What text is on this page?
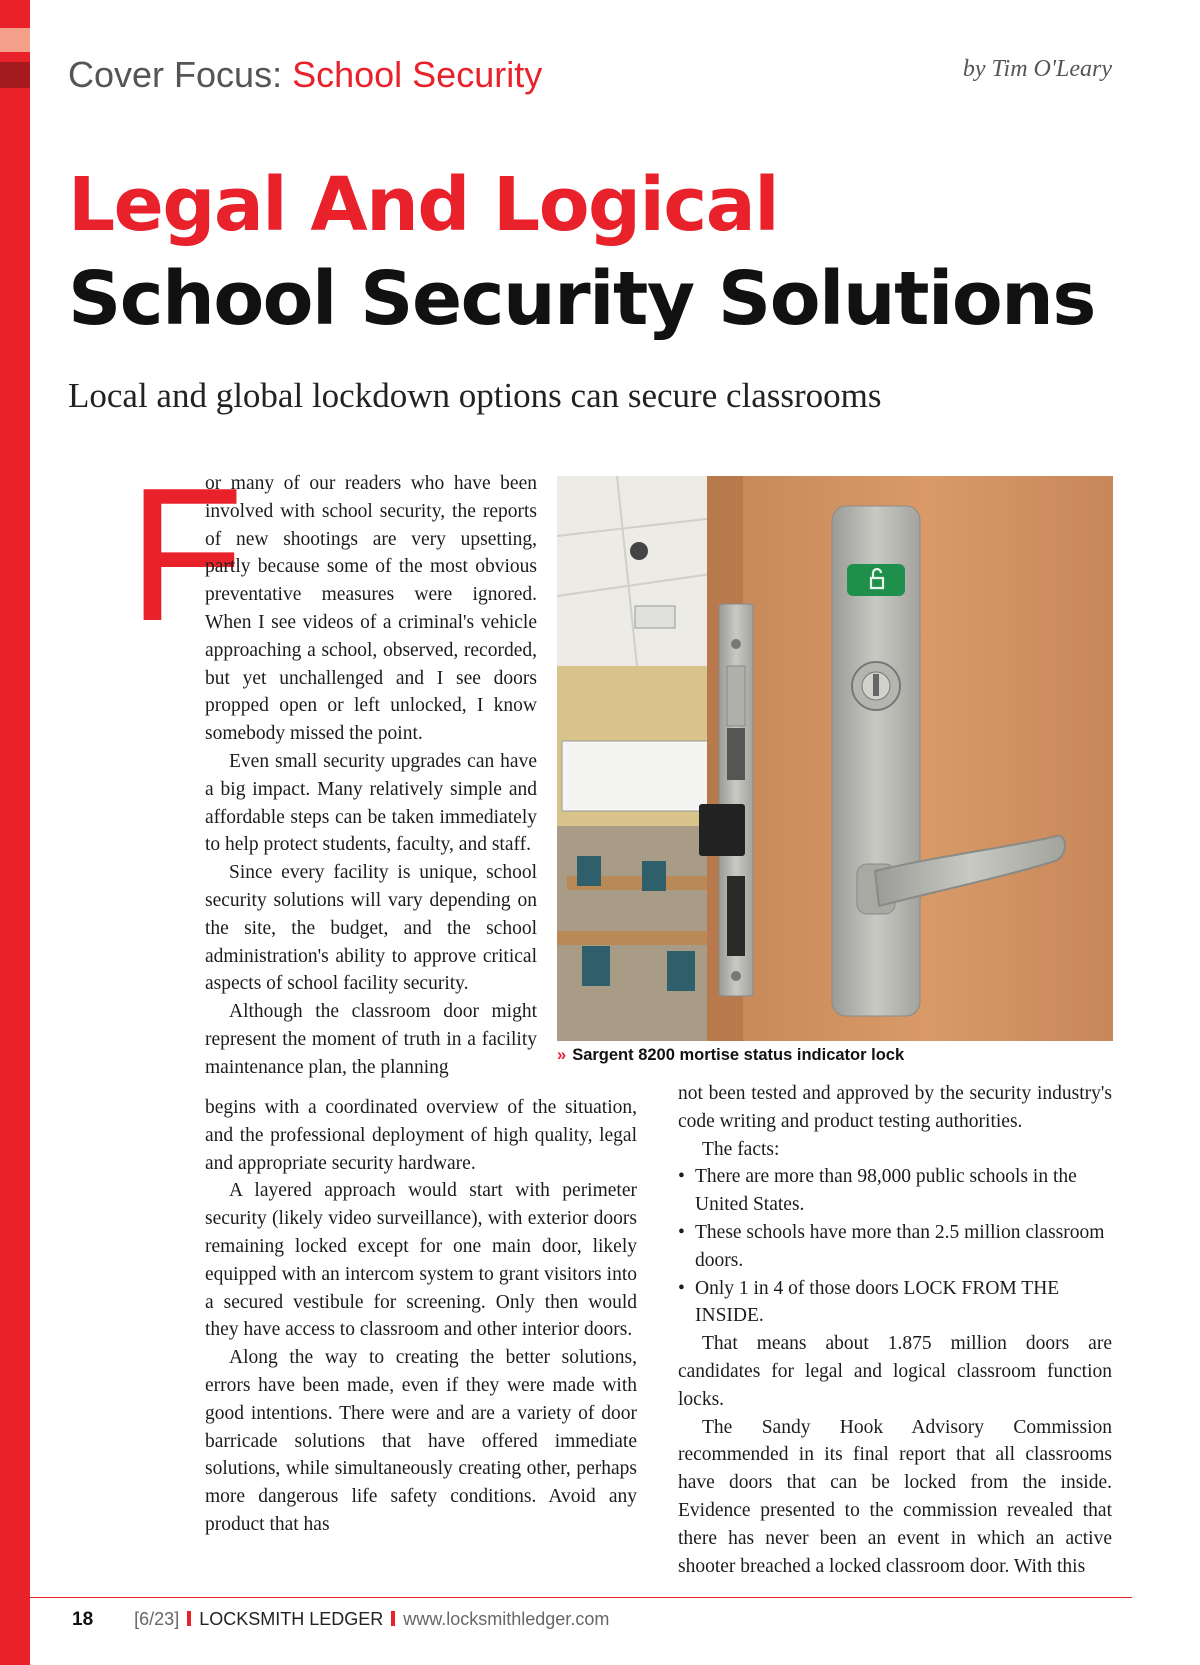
Cover Focus: School Security	by Tim O'Leary
Legal And Logical
School Security Solutions
Local and global lockdown options can secure classrooms
F

or many of our readers who have been involved with school security, the reports of new shootings are very upsetting, partly because some of the most obvious preventative measures were ignored. When I see videos of a criminal's vehicle approaching a school, observed, recorded, but yet unchallenged and I see doors propped open or left unlocked, I know somebody missed the point.

Even small security upgrades can have a big impact. Many relatively simple and affordable steps can be taken immediately to help protect students, faculty, and staff.

Since every facility is unique, school security solutions will vary depending on the site, the budget, and the school administration's ability to approve critical aspects of school facility security.

Although the classroom door might represent the moment of truth in a facility maintenance plan, the planning

begins with a coordinated overview of the situation, and the professional deployment of high quality, legal and appropriate security hardware.

A layered approach would start with perimeter security (likely video surveillance), with exterior doors remaining locked except for one main door, likely equipped with an intercom system to grant visitors into a secured vestibule for screening. Only then would they have access to classroom and other interior doors.

Along the way to creating the better solutions, errors have been made, even if they were made with good intentions. There were and are a variety of door barricade solutions that have offered immediate solutions, while simultaneously creating other, perhaps more dangerous life safety conditions. Avoid any product that has

» Sargent 8200 mortise status indicator lock

not been tested and approved by the security industry's code writing and product testing authorities.

The facts:

• There are more than 98,000 public schools in the United States.
• These schools have more than 2.5 million classroom doors.
• Only 1 in 4 of those doors LOCK FROM THE INSIDE.

That means about 1.875 million doors are candidates for legal and logical classroom function locks.

The Sandy Hook Advisory Commission recommended in its final report that all classrooms have doors that can be locked from the inside. Evidence presented to the commission revealed that there has never been an event in which an active shooter breached a locked classroom door. With this

18 [6/23] LOCKSMITH LEDGER www.locksmithledger.com
